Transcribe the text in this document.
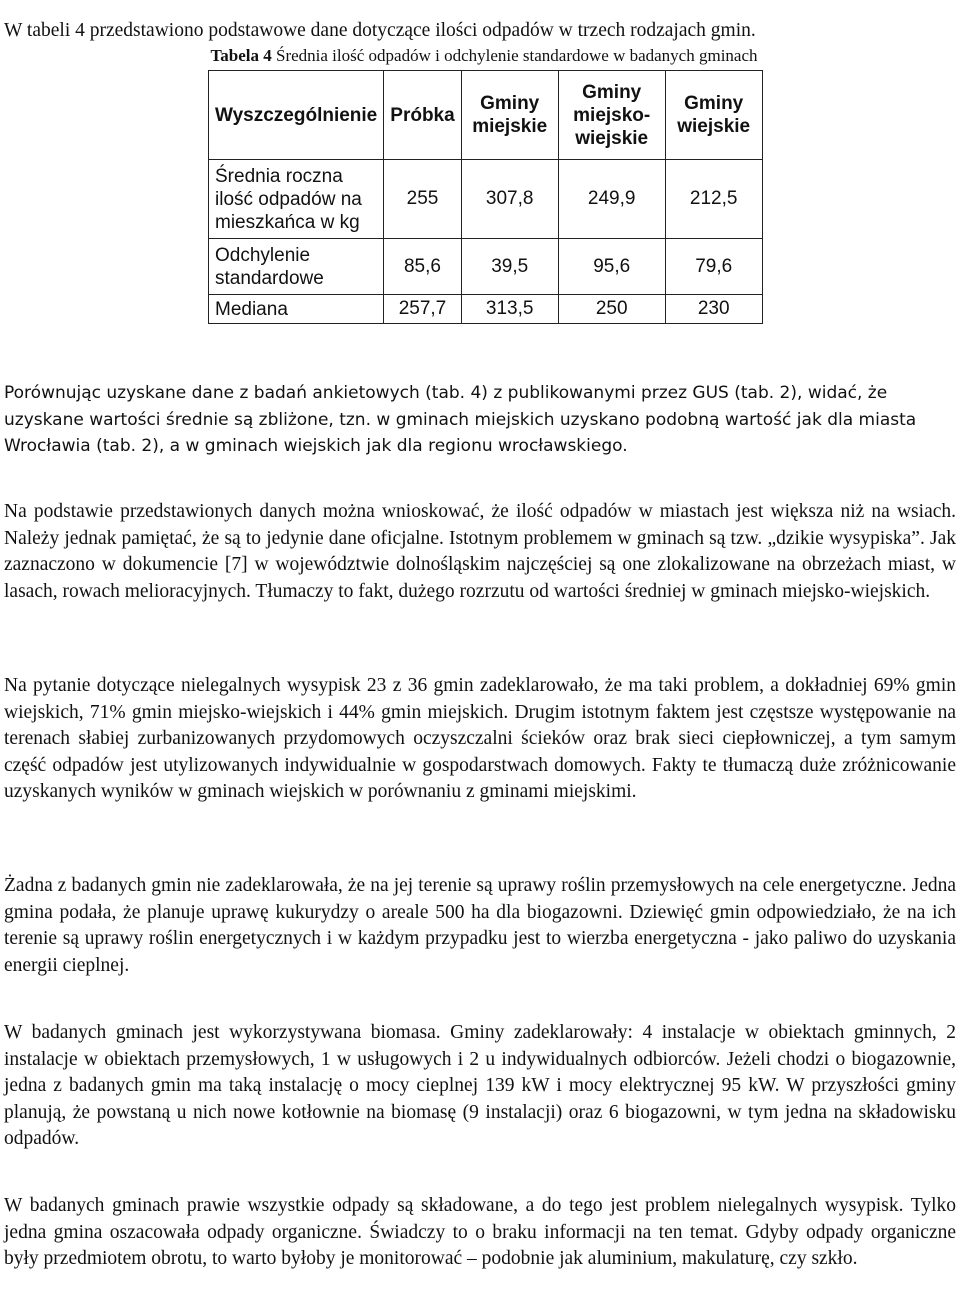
W tabeli 4 przedstawiono podstawowe dane dotyczące ilości odpadów w trzech rodzajach gmin.

Tabela 4 Średnia ilość odpadów i odchylenie standardowe w badanych gminach
Wyszczególnienie	Próbka	Gminy miejskie	Gminy miejsko-wiejskie	Gminy wiejskie
Średnia roczna ilość odpadów na mieszkańca w kg	255	307,8	249,9	212,5
Odchylenie standardowe	85,6	39,5	95,6	79,6
Mediana	257,7	313,5	250	230

Porównując uzyskane dane z badań ankietowych (tab. 4) z publikowanymi przez GUS (tab. 2), widać, że uzyskane wartości średnie są zbliżone, tzn. w gminach miejskich uzyskano podobną wartość jak dla miasta Wrocławia (tab. 2), a w gminach wiejskich jak dla regionu wrocławskiego.

Na podstawie przedstawionych danych można wnioskować, że ilość odpadów w miastach jest większa niż na wsiach. Należy jednak pamiętać, że są to jedynie dane oficjalne. Istotnym problemem w gminach są tzw. „dzikie wysypiska”. Jak zaznaczono w dokumencie [7] w województwie dolnośląskim najczęściej są one zlokalizowane na obrzeżach miast, w lasach, rowach melioracyjnych. Tłumaczy to fakt, dużego rozrzutu od wartości średniej w gminach miejsko-wiejskich.

Na pytanie dotyczące nielegalnych wysypisk 23 z 36 gmin zadeklarowało, że ma taki problem, a dokładniej 69% gmin wiejskich, 71% gmin miejsko-wiejskich i 44% gmin miejskich. Drugim istotnym faktem jest częstsze występowanie na terenach słabiej zurbanizowanych przydomowych oczyszczalni ścieków oraz brak sieci ciepłowniczej, a tym samym część odpadów jest utylizowanych indywidualnie w gospodarstwach domowych. Fakty te tłumaczą duże zróżnicowanie uzyskanych wyników w gminach wiejskich w porównaniu z gminami miejskimi.

Żadna z badanych gmin nie zadeklarowała, że na jej terenie są uprawy roślin przemysłowych na cele energetyczne. Jedna gmina podała, że planuje uprawę kukurydzy o areale 500 ha dla biogazowni. Dziewięć gmin odpowiedziało, że na ich terenie są uprawy roślin energetycznych i w każdym przypadku jest to wierzba energetyczna - jako paliwo do uzyskania energii cieplnej.

W badanych gminach jest wykorzystywana biomasa. Gminy zadeklarowały: 4 instalacje w obiektach gminnych, 2 instalacje w obiektach przemysłowych, 1 w usługowych i 2 u indywidualnych odbiorców. Jeżeli chodzi o biogazownie, jedna z badanych gmin ma taką instalację o mocy cieplnej 139 kW i mocy elektrycznej 95 kW. W przyszłości gminy planują, że powstaną u nich nowe kotłownie na biomasę (9 instalacji) oraz 6 biogazowni, w tym jedna na składowisku odpadów.

W badanych gminach prawie wszystkie odpady są składowane, a do tego jest problem nielegalnych wysypisk. Tylko jedna gmina oszacowała odpady organiczne. Świadczy to o braku informacji na ten temat. Gdyby odpady organiczne były przedmiotem obrotu, to warto byłoby je monitorować – podobnie jak aluminium, makulaturę, czy szkło.
